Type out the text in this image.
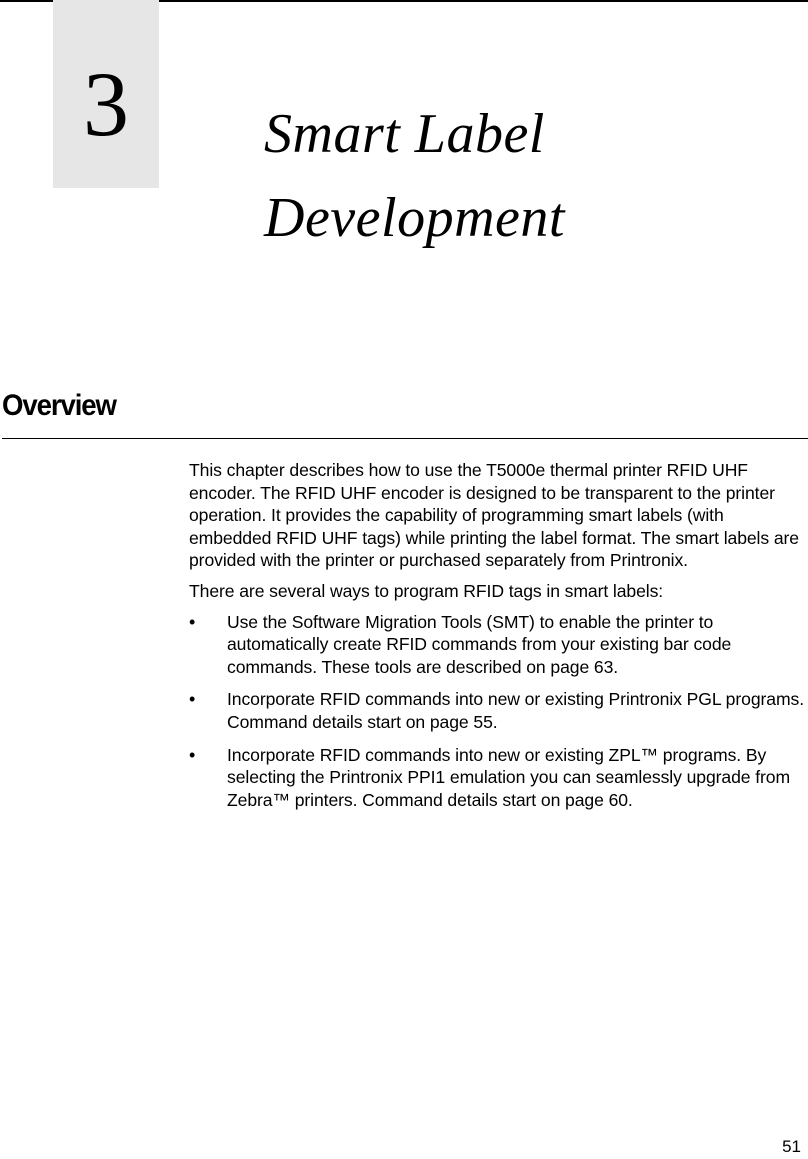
3	Smart Label
Development
Overview

This chapter describes how to use the T5000e thermal printer RFID UHF encoder. The RFID UHF encoder is designed to be transparent to the printer operation. It provides the capability of programming smart labels (with embedded RFID UHF tags) while printing the label format. The smart labels are provided with the printer or purchased separately from Printronix.

There are several ways to program RFID tags in smart labels:

•	Use the Software Migration Tools (SMT) to enable the printer to automatically create RFID commands from your existing bar code commands. These tools are described on page 63.
•	Incorporate RFID commands into new or existing Printronix PGL programs. Command details start on page 55.
•	Incorporate RFID commands into new or existing ZPL™ programs. By selecting the Printronix PPI1 emulation you can seamlessly upgrade from Zebra™ printers. Command details start on page 60.
51
